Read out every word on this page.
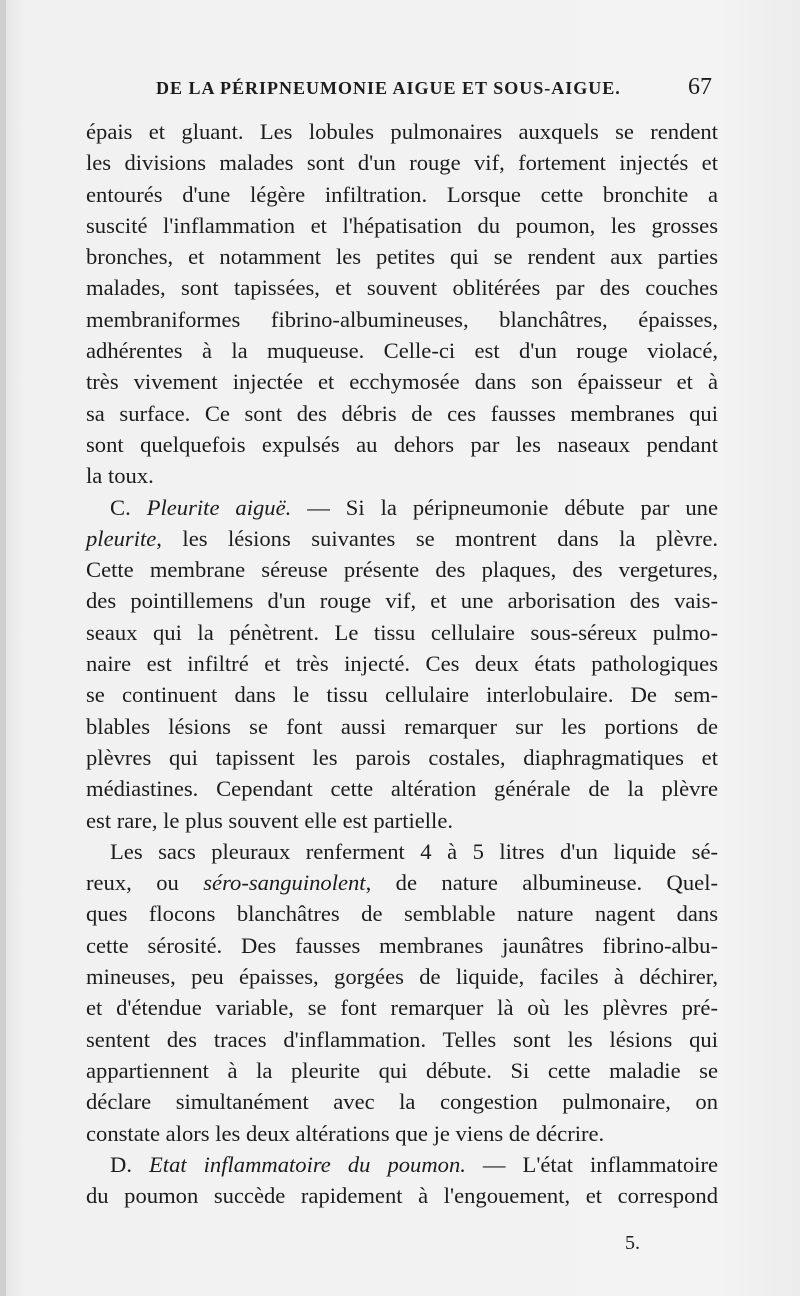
DE LA PÉRIPNEUMONIE AIGUE ET SOUS-AIGUE.	67
épais et gluant. Les lobules pulmonaires auxquels se rendent
les divisions malades sont d'un rouge vif, fortement injectés et
entourés d'une légère infiltration. Lorsque cette bronchite a
suscité l'inflammation et l'hépatisation du poumon, les grosses
bronches, et notamment les petites qui se rendent aux parties
malades, sont tapissées, et souvent oblitérées par des couches
membraniformes fibrino-albumineuses, blanchâtres, épaisses,
adhérentes à la muqueuse. Celle-ci est d'un rouge violacé,
très vivement injectée et ecchymosée dans son épaisseur et à
sa surface. Ce sont des débris de ces fausses membranes qui
sont quelquefois expulsés au dehors par les naseaux pendant
la toux.
C. Pleurite aiguë. — Si la péripneumonie débute par une
pleurite, les lésions suivantes se montrent dans la plèvre.
Cette membrane séreuse présente des plaques, des vergetures,
des pointillemens d'un rouge vif, et une arborisation des vais-
seaux qui la pénètrent. Le tissu cellulaire sous-séreux pulmo-
naire est infiltré et très injecté. Ces deux états pathologiques
se continuent dans le tissu cellulaire interlobulaire. De sem-
blables lésions se font aussi remarquer sur les portions de
plèvres qui tapissent les parois costales, diaphragmatiques et
médiastines. Cependant cette altération générale de la plèvre
est rare, le plus souvent elle est partielle.
Les sacs pleuraux renferment 4 à 5 litres d'un liquide sé-
reux, ou séro-sanguinolent, de nature albumineuse. Quel-
ques flocons blanchâtres de semblable nature nagent dans
cette sérosité. Des fausses membranes jaunâtres fibrino-albu-
mineuses, peu épaisses, gorgées de liquide, faciles à déchirer,
et d'étendue variable, se font remarquer là où les plèvres pré-
sentent des traces d'inflammation. Telles sont les lésions qui
appartiennent à la pleurite qui débute. Si cette maladie se
déclare simultanément avec la congestion pulmonaire, on
constate alors les deux altérations que je viens de décrire.
D. Etat inflammatoire du poumon. — L'état inflammatoire
du poumon succède rapidement à l'engouement, et correspond
5.
